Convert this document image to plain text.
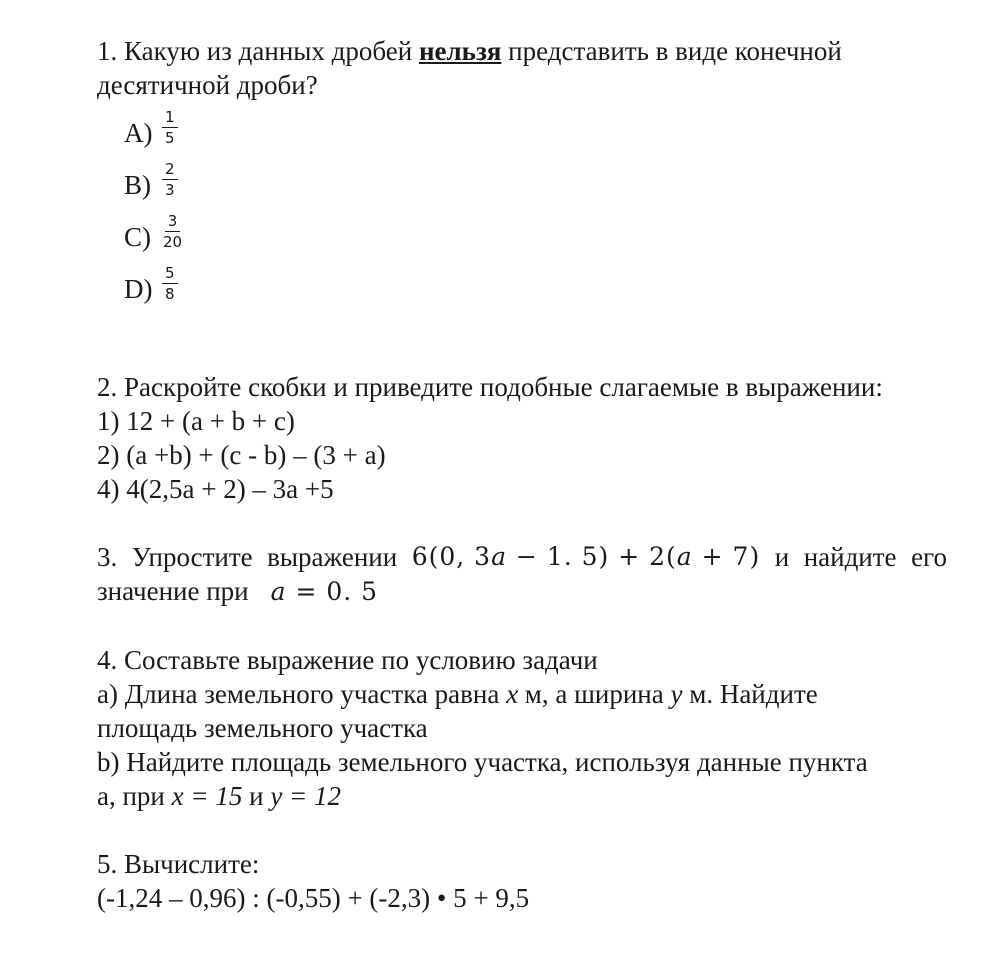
1. Какую из данных дробей нельзя представить в виде конечной
десятичной дроби?
$A) \frac{1}{5}$
$B) \frac{2}{3}$
$C) \frac{3}{20}$
$D) \frac{5}{8}$
2. Раскройте скобки и приведите подобные слагаемые в выражении:
1) 12 + (a + b + c)
2) (a +b) + (c - b) – (3 + a)
4) 4(2,5a + 2) – 3a +5
3. Упростите выражении 6(0, 3a − 1. 5) + 2(a + 7) и найдите его
значение при a = 0. 5
4. Составьте выражение по условию задачи
a) Длина земельного участка равна x м, а ширина y м. Найдите
площадь земельного участка
b) Найдите площадь земельного участка, используя данные пункта
a, при x = 15 и y = 12
5. Вычислите:
(-1,24 – 0,96) : (-0,55) + (-2,3) • 5 + 9,5
